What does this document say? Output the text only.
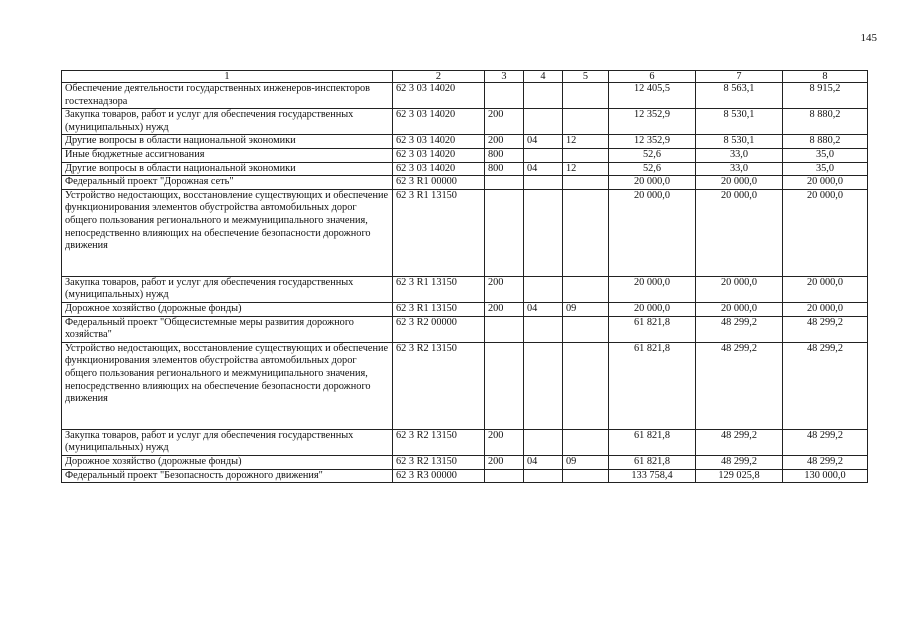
145
1	2	3	4	5	6	7	8
Обеспечение деятельности государственных инженеров-инспекторов гостехнадзора	62 3 03 14020				12 405,5	8 563,1	8 915,2
Закупка товаров, работ и услуг для обеспечения государственных (муниципальных) нужд	62 3 03 14020	200			12 352,9	8 530,1	8 880,2
Другие вопросы в области национальной экономики	62 3 03 14020	200	04	12	12 352,9	8 530,1	8 880,2
Иные бюджетные ассигнования	62 3 03 14020	800			52,6	33,0	35,0
Другие вопросы в области национальной экономики	62 3 03 14020	800	04	12	52,6	33,0	35,0
Федеральный проект "Дорожная сеть"	62 3 R1 00000				20 000,0	20 000,0	20 000,0
Устройство недостающих, восстановление существующих и обеспечение функционирования элементов обустройства автомобильных дорог общего пользования регионального и межмуниципального значения, непосредственно влияющих на обеспечение безопасности дорожного движения	62 3 R1 13150				20 000,0	20 000,0	20 000,0
Закупка товаров, работ и услуг для обеспечения государственных (муниципальных) нужд	62 3 R1 13150	200			20 000,0	20 000,0	20 000,0
Дорожное хозяйство (дорожные фонды)	62 3 R1 13150	200	04	09	20 000,0	20 000,0	20 000,0
Федеральный проект "Общесистемные меры развития дорожного хозяйства"	62 3 R2 00000				61 821,8	48 299,2	48 299,2
Устройство недостающих, восстановление существующих и обеспечение функционирования элементов обустройства автомобильных дорог общего пользования регионального и межмуниципального значения, непосредственно влияющих на обеспечение безопасности дорожного движения	62 3 R2 13150				61 821,8	48 299,2	48 299,2
Закупка товаров, работ и услуг для обеспечения государственных (муниципальных) нужд	62 3 R2 13150	200			61 821,8	48 299,2	48 299,2
Дорожное хозяйство (дорожные фонды)	62 3 R2 13150	200	04	09	61 821,8	48 299,2	48 299,2
Федеральный проект "Безопасность дорожного движения"	62 3 R3 00000				133 758,4	129 025,8	130 000,0
